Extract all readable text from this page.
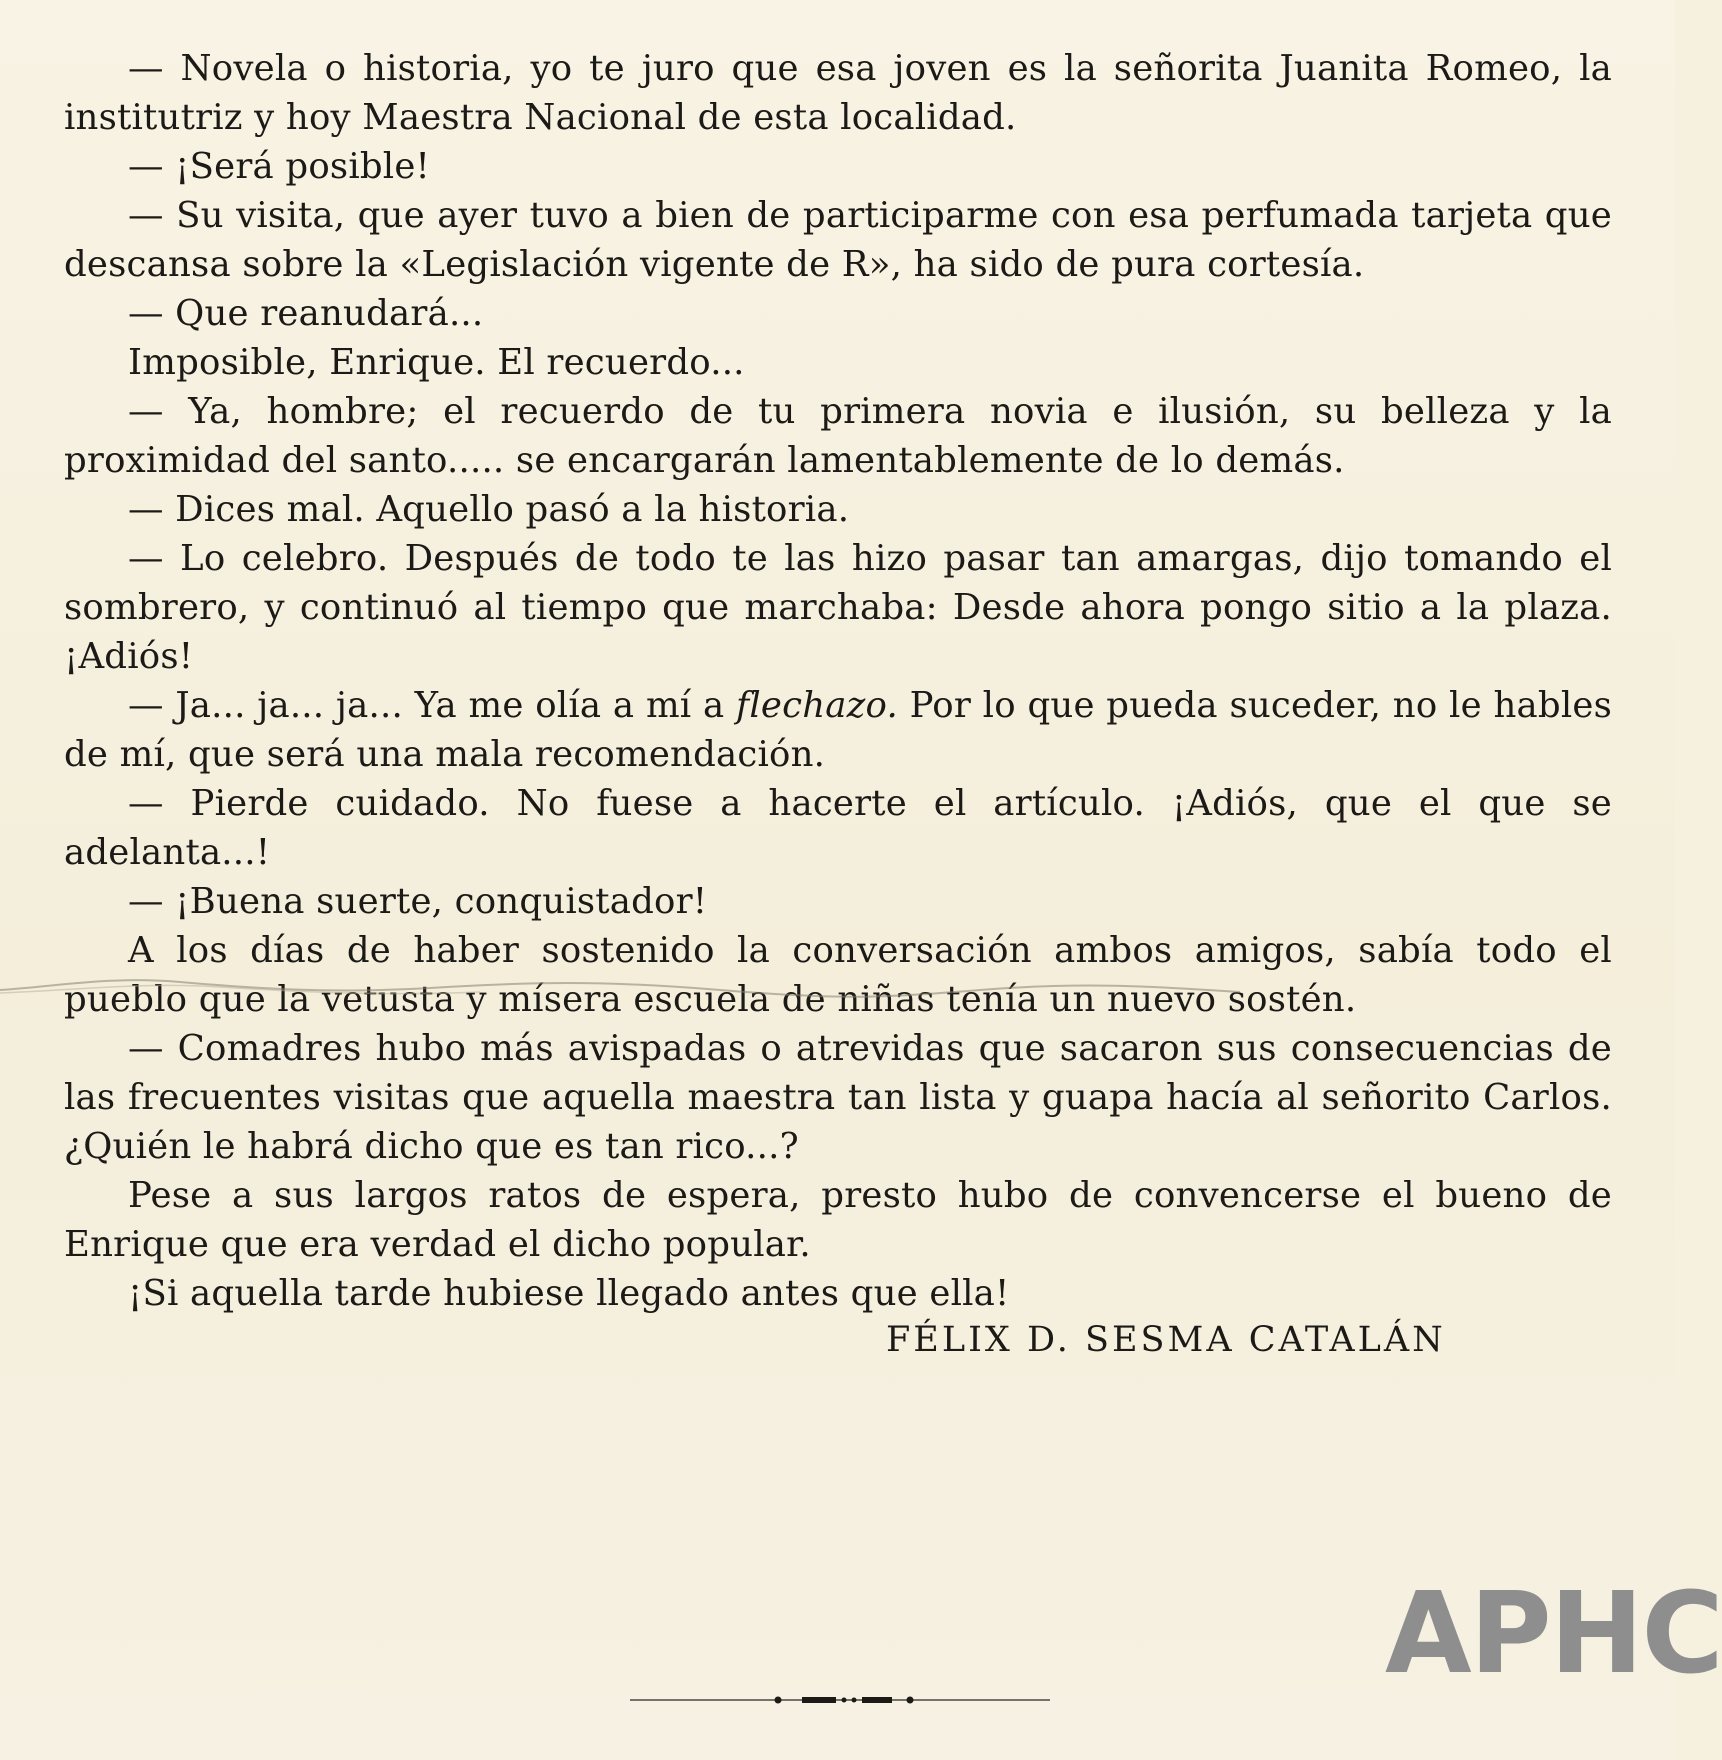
— Novela o historia, yo te juro que esa joven es la señorita Juanita Romeo, la institutriz y hoy Maestra Nacional de esta localidad.

— ¡Será posible!

— Su visita, que ayer tuvo a bien de participarme con esa perfumada tarjeta que descansa sobre la «Legislación vigente de R», ha sido de pura cortesía.

— Que reanudará...

Imposible, Enrique. El recuerdo...

— Ya, hombre; el recuerdo de tu primera novia e ilusión, su belleza y la proximidad del santo..... se encargarán lamentablemente de lo demás.

— Dices mal. Aquello pasó a la historia.

— Lo celebro. Después de todo te las hizo pasar tan amargas, dijo tomando el sombrero, y continuó al tiempo que marchaba: Desde ahora pongo sitio a la plaza. ¡Adiós!

— Ja... ja... ja... Ya me olía a mí a flechazo. Por lo que pueda suceder, no le hables de mí, que será una mala recomendación.

— Pierde cuidado. No fuese a hacerte el artículo. ¡Adiós, que el que se adelanta...!

— ¡Buena suerte, conquistador!

A los días de haber sostenido la conversación ambos amigos, sabía todo el pueblo que la vetusta y mísera escuela de niñas tenía un nuevo sostén.

— Comadres hubo más avispadas o atrevidas que sacaron sus consecuencias de las frecuentes visitas que aquella maestra tan lista y guapa hacía al señorito Carlos. ¿Quién le habrá dicho que es tan rico...?

Pese a sus largos ratos de espera, presto hubo de convencerse el bueno de Enrique que era verdad el dicho popular.

¡Si aquella tarde hubiese llegado antes que ella!

FÉLIX D. SESMA CATALÁN
APHC
